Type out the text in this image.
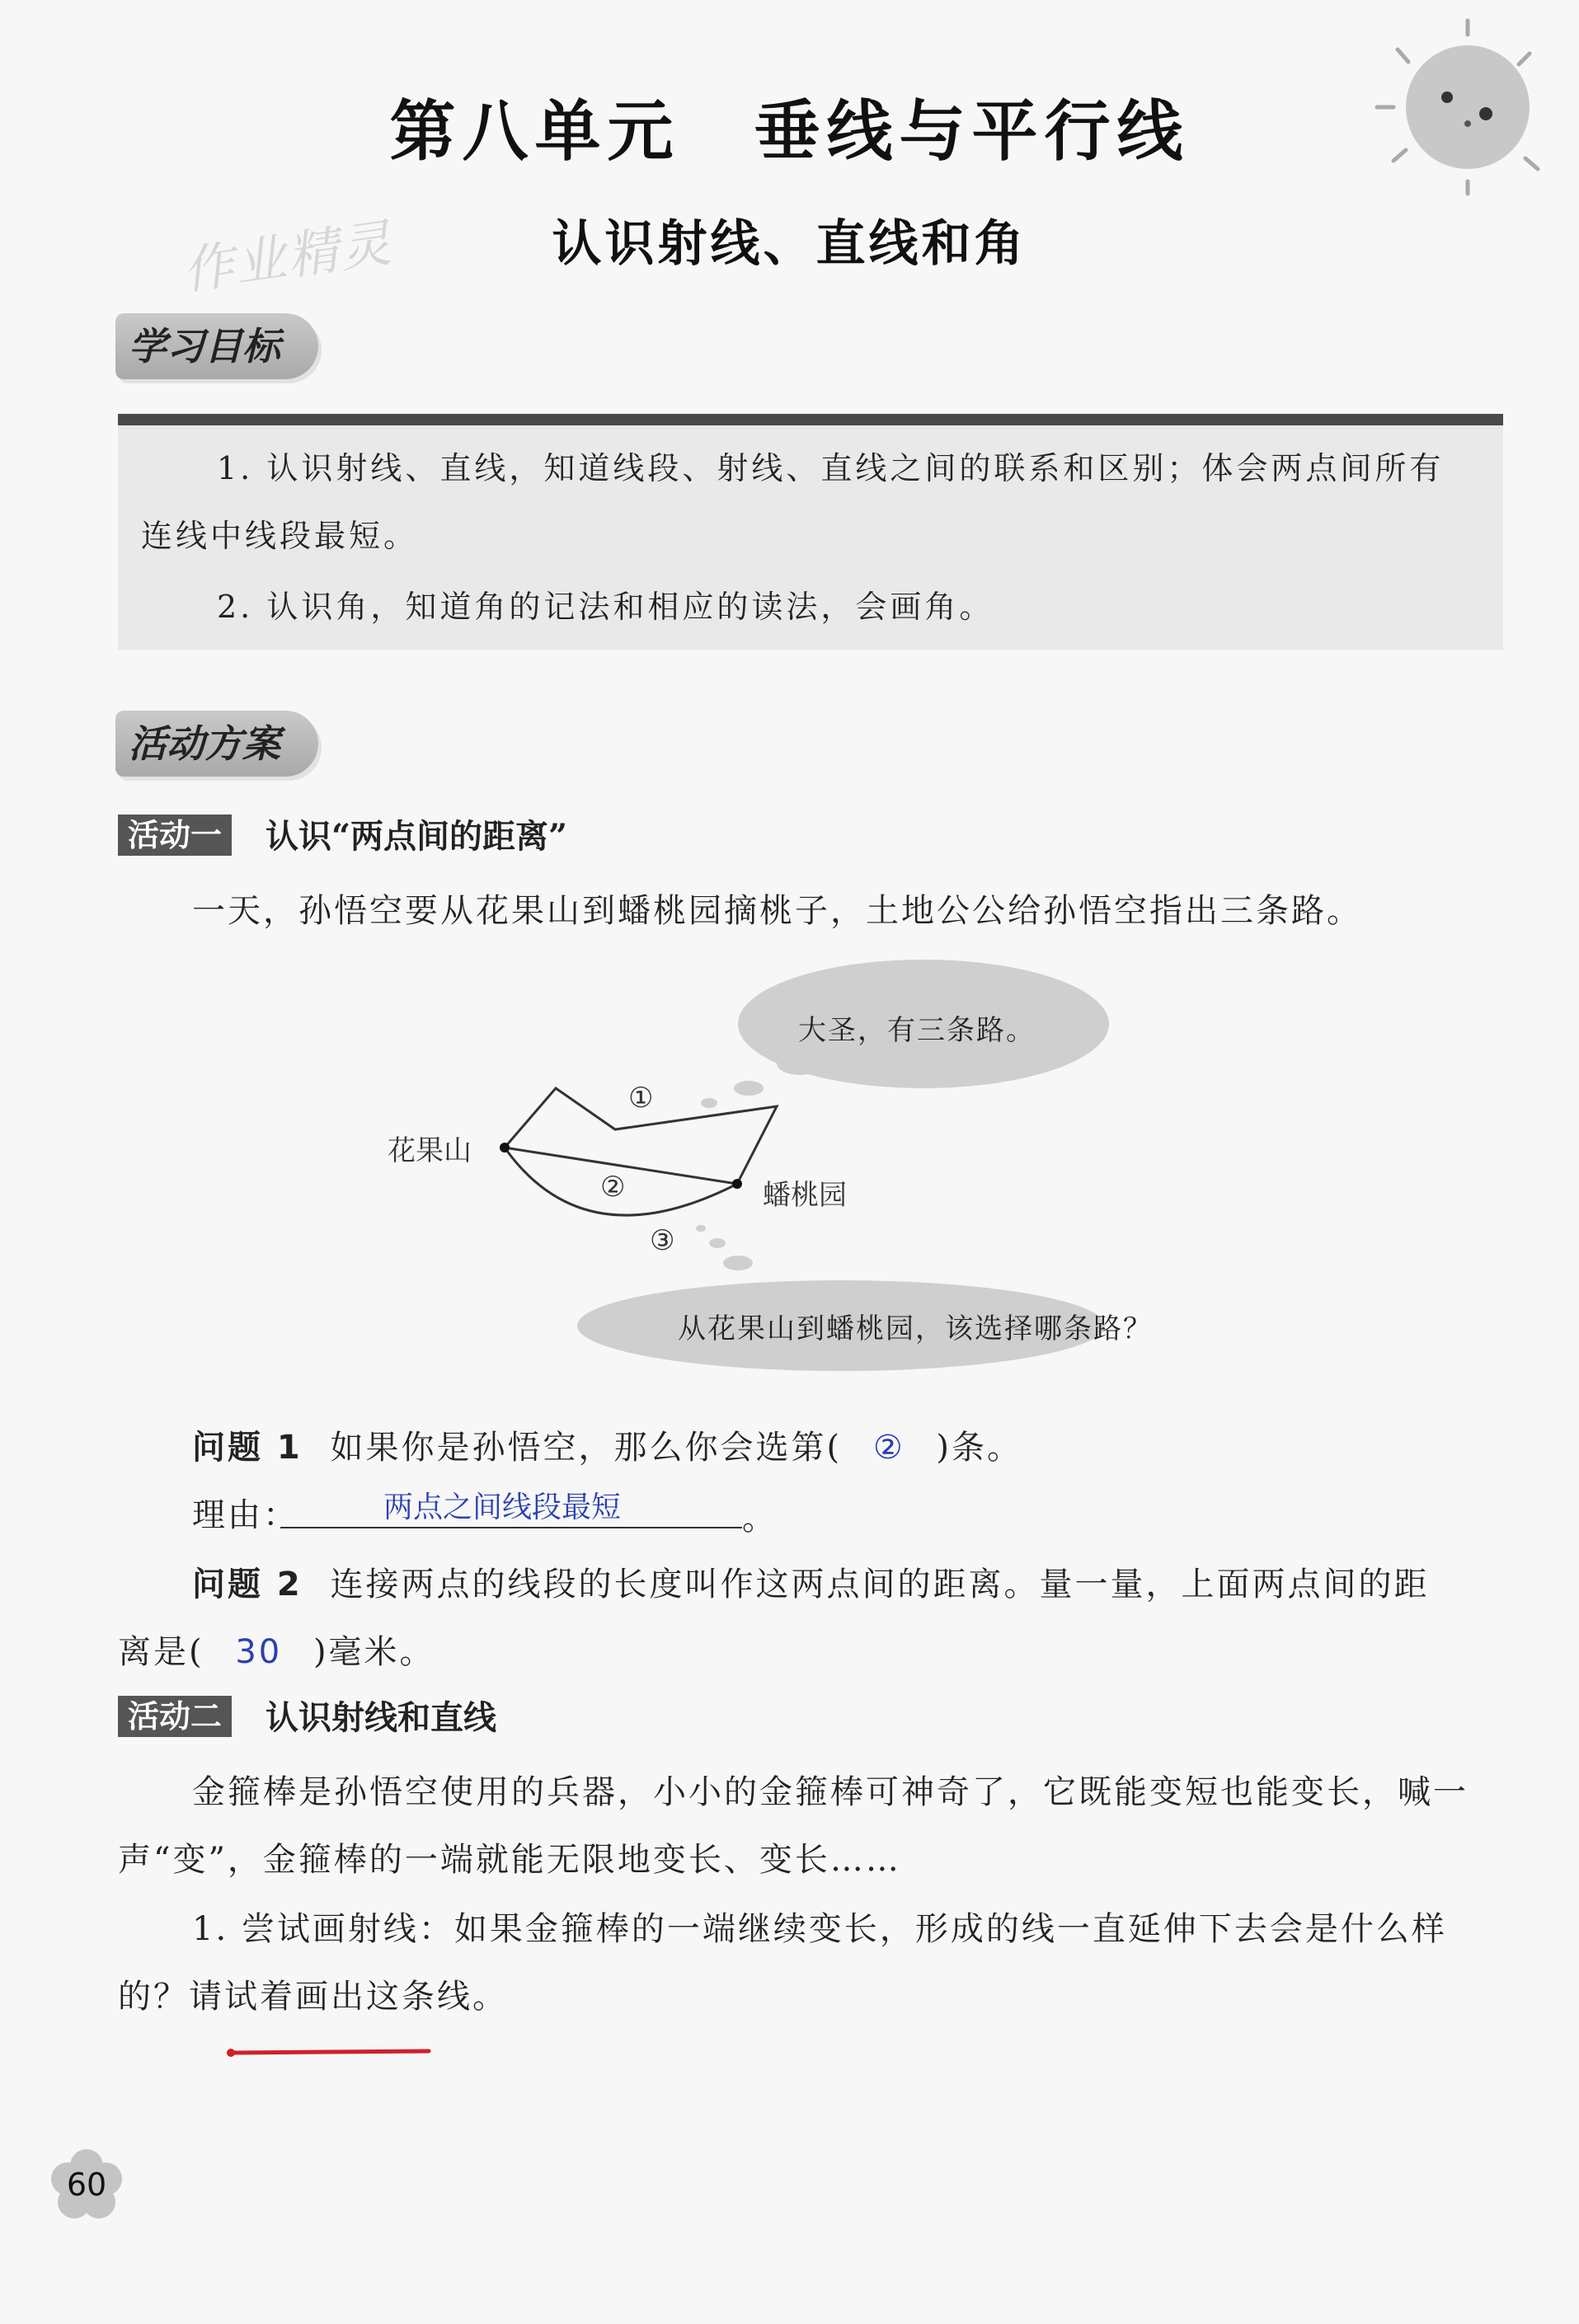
第八单元 垂线与平行线
认识射线、直线和角
作业精灵
学习目标
1. 认识射线、直线，知道线段、射线、直线之间的联系和区别；体会两点间所有
连线中线段最短。
2. 认识角，知道角的记法和相应的读法，会画角。
活动方案
活动一	认识“两点间的距离”
一天，孙悟空要从花果山到蟠桃园摘桃子，土地公公给孙悟空指出三条路。
大圣，有三条路。
从花果山到蟠桃园，该选择哪条路？
花果山
蟠桃园
①
②
③
问题 1 如果你是孙悟空，那么你会选第( ② )条。
理由：	两点之间线段最短	。
问题 2 连接两点的线段的长度叫作这两点间的距离。量一量，上面两点间的距
离是( 30 )毫米。
活动二	认识射线和直线
金箍棒是孙悟空使用的兵器，小小的金箍棒可神奇了，它既能变短也能变长，喊一
声“变”，金箍棒的一端就能无限地变长、变长……
1. 尝试画射线：如果金箍棒的一端继续变长，形成的线一直延伸下去会是什么样
的？请试着画出这条线。
60
